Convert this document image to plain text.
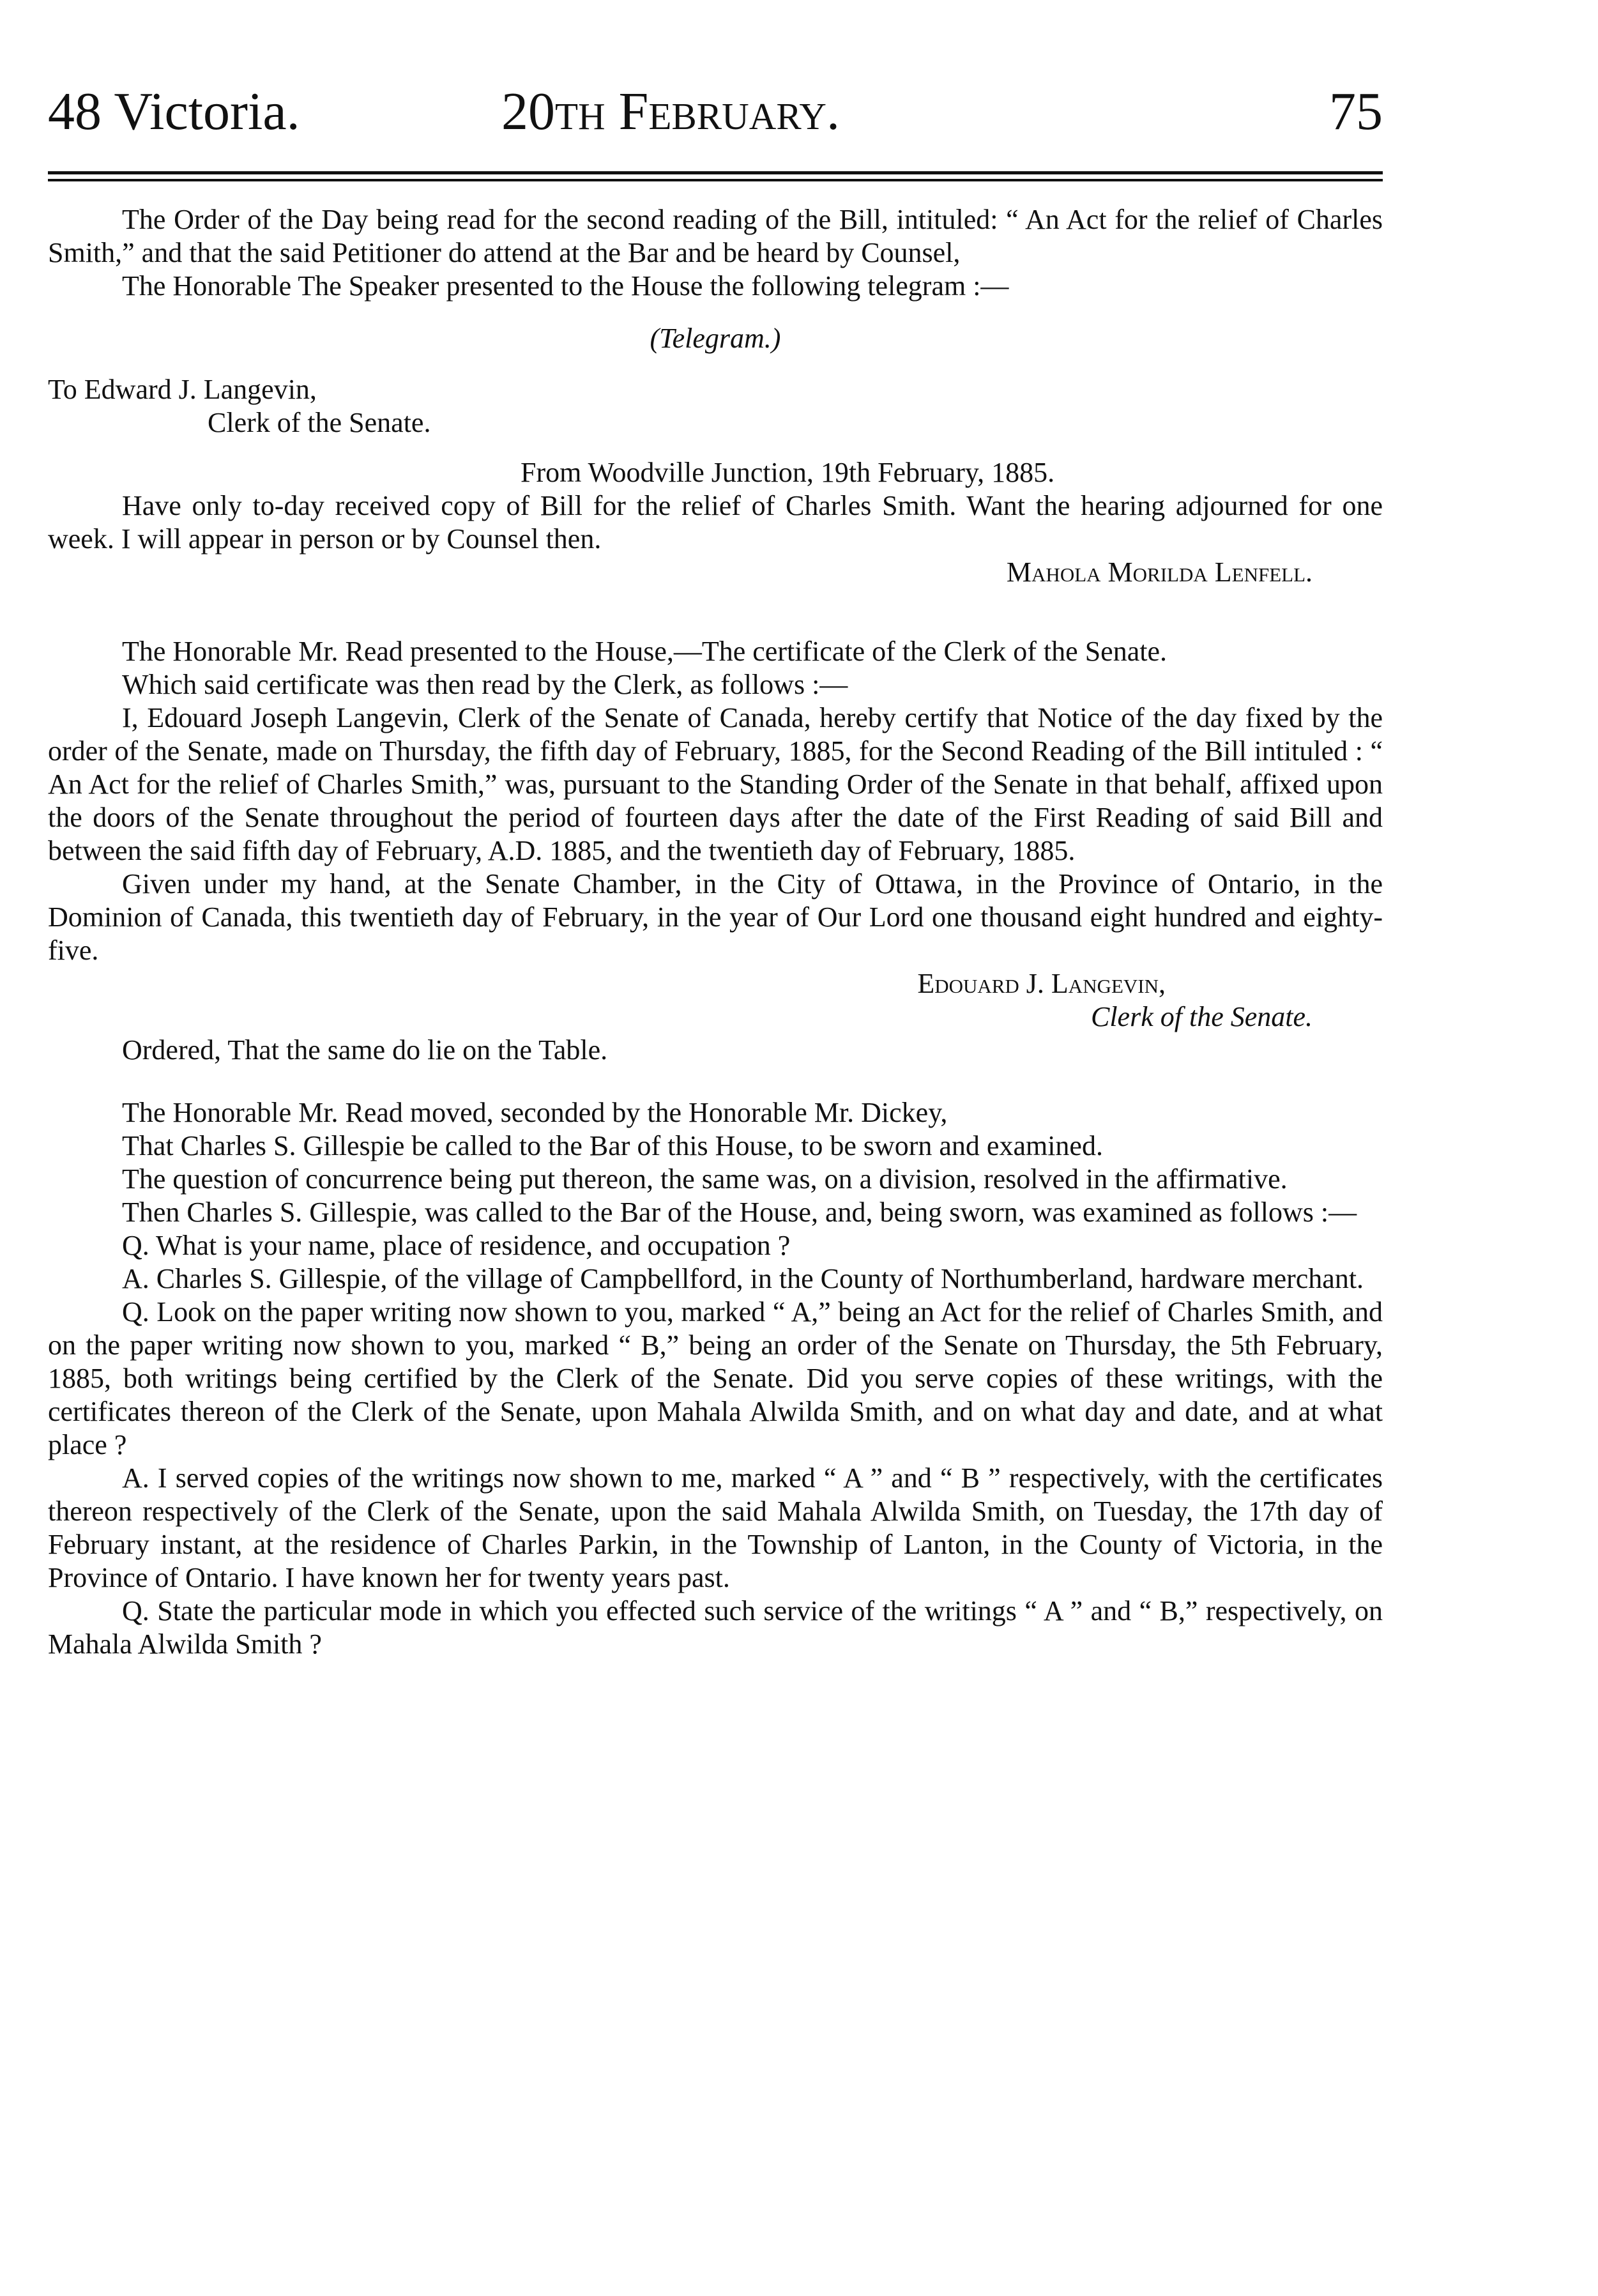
48 Victoria.	20th February.	75

The Order of the Day being read for the second reading of the Bill, intituled: “ An Act for the relief of Charles Smith,” and that the said Petitioner do attend at the Bar and be heard by Counsel,

The Honorable The Speaker presented to the House the following telegram :—

(Telegram.)

To Edward J. Langevin,

Clerk of the Senate.

From Woodville Junction, 19th February, 1885.

Have only to-day received copy of Bill for the relief of Charles Smith. Want the hearing adjourned for one week. I will appear in person or by Counsel then.

Mahola Morilda Lenfell.

The Honorable Mr. Read presented to the House,—The certificate of the Clerk of the Senate.

Which said certificate was then read by the Clerk, as follows :—

I, Edouard Joseph Langevin, Clerk of the Senate of Canada, hereby certify that Notice of the day fixed by the order of the Senate, made on Thursday, the fifth day of February, 1885, for the Second Reading of the Bill intituled : “ An Act for the relief of Charles Smith,” was, pursuant to the Standing Order of the Senate in that behalf, affixed upon the doors of the Senate throughout the period of fourteen days after the date of the First Reading of said Bill and between the said fifth day of February, A.D. 1885, and the twentieth day of February, 1885.

Given under my hand, at the Senate Chamber, in the City of Ottawa, in the Province of Ontario, in the Dominion of Canada, this twentieth day of February, in the year of Our Lord one thousand eight hundred and eighty-five.

Edouard J. Langevin,

Clerk of the Senate.

Ordered, That the same do lie on the Table.

The Honorable Mr. Read moved, seconded by the Honorable Mr. Dickey,

That Charles S. Gillespie be called to the Bar of this House, to be sworn and examined.

The question of concurrence being put thereon, the same was, on a division, resolved in the affirmative.

Then Charles S. Gillespie, was called to the Bar of the House, and, being sworn, was examined as follows :—

Q. What is your name, place of residence, and occupation ?

A. Charles S. Gillespie, of the village of Campbellford, in the County of Northumberland, hardware merchant.

Q. Look on the paper writing now shown to you, marked “ A,” being an Act for the relief of Charles Smith, and on the paper writing now shown to you, marked “ B,” being an order of the Senate on Thursday, the 5th February, 1885, both writings being certified by the Clerk of the Senate. Did you serve copies of these writings, with the certificates thereon of the Clerk of the Senate, upon Mahala Alwilda Smith, and on what day and date, and at what place ?

A. I served copies of the writings now shown to me, marked “ A ” and “ B ” respectively, with the certificates thereon respectively of the Clerk of the Senate, upon the said Mahala Alwilda Smith, on Tuesday, the 17th day of February instant, at the residence of Charles Parkin, in the Township of Lanton, in the County of Victoria, in the Province of Ontario. I have known her for twenty years past.

Q. State the particular mode in which you effected such service of the writings “ A ” and “ B,” respectively, on Mahala Alwilda Smith ?
